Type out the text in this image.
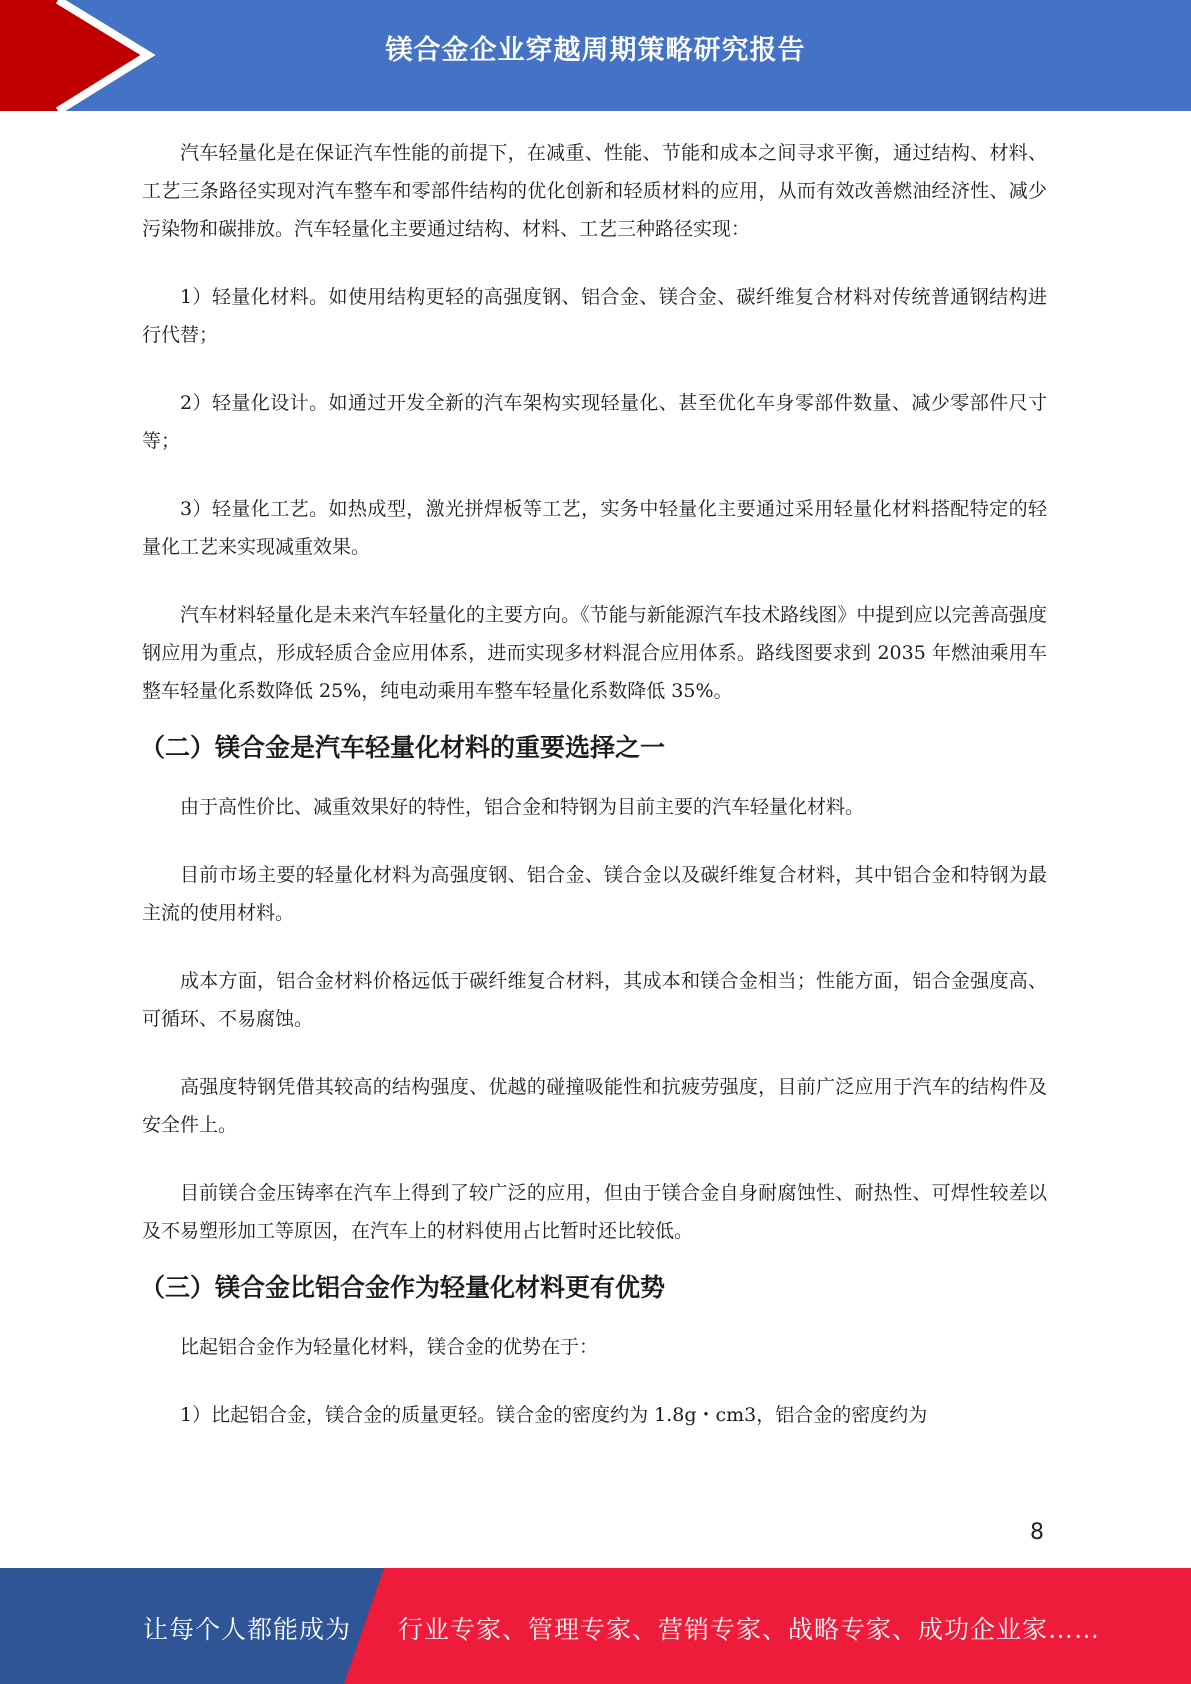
镁合金企业穿越周期策略研究报告

汽车轻量化是在保证汽车性能的前提下，在减重、性能、节能和成本之间寻求平衡，通过结构、材料、工艺三条路径实现对汽车整车和零部件结构的优化创新和轻质材料的应用，从而有效改善燃油经济性、减少污染物和碳排放。汽车轻量化主要通过结构、材料、工艺三种路径实现：

1）轻量化材料。如使用结构更轻的高强度钢、铝合金、镁合金、碳纤维复合材料对传统普通钢结构进行代替；

2）轻量化设计。如通过开发全新的汽车架构实现轻量化、甚至优化车身零部件数量、减少零部件尺寸等；

3）轻量化工艺。如热成型，激光拼焊板等工艺，实务中轻量化主要通过采用轻量化材料搭配特定的轻量化工艺来实现减重效果。

汽车材料轻量化是未来汽车轻量化的主要方向。《节能与新能源汽车技术路线图》中提到应以完善高强度钢应用为重点，形成轻质合金应用体系，进而实现多材料混合应用体系。路线图要求到 2035 年燃油乘用车整车轻量化系数降低 25%，纯电动乘用车整车轻量化系数降低 35%。

（二）镁合金是汽车轻量化材料的重要选择之一

由于高性价比、减重效果好的特性，铝合金和特钢为目前主要的汽车轻量化材料。

目前市场主要的轻量化材料为高强度钢、铝合金、镁合金以及碳纤维复合材料，其中铝合金和特钢为最主流的使用材料。

成本方面，铝合金材料价格远低于碳纤维复合材料，其成本和镁合金相当；性能方面，铝合金强度高、可循环、不易腐蚀。

高强度特钢凭借其较高的结构强度、优越的碰撞吸能性和抗疲劳强度，目前广泛应用于汽车的结构件及安全件上。

目前镁合金压铸率在汽车上得到了较广泛的应用，但由于镁合金自身耐腐蚀性、耐热性、可焊性较差以及不易塑形加工等原因，在汽车上的材料使用占比暂时还比较低。

（三）镁合金比铝合金作为轻量化材料更有优势

比起铝合金作为轻量化材料，镁合金的优势在于：

1）比起铝合金，镁合金的质量更轻。镁合金的密度约为 1.8g・cm3，铝合金的密度约为

8
让每个人都能成为 行业专家、管理专家、营销专家、战略专家、成功企业家……
